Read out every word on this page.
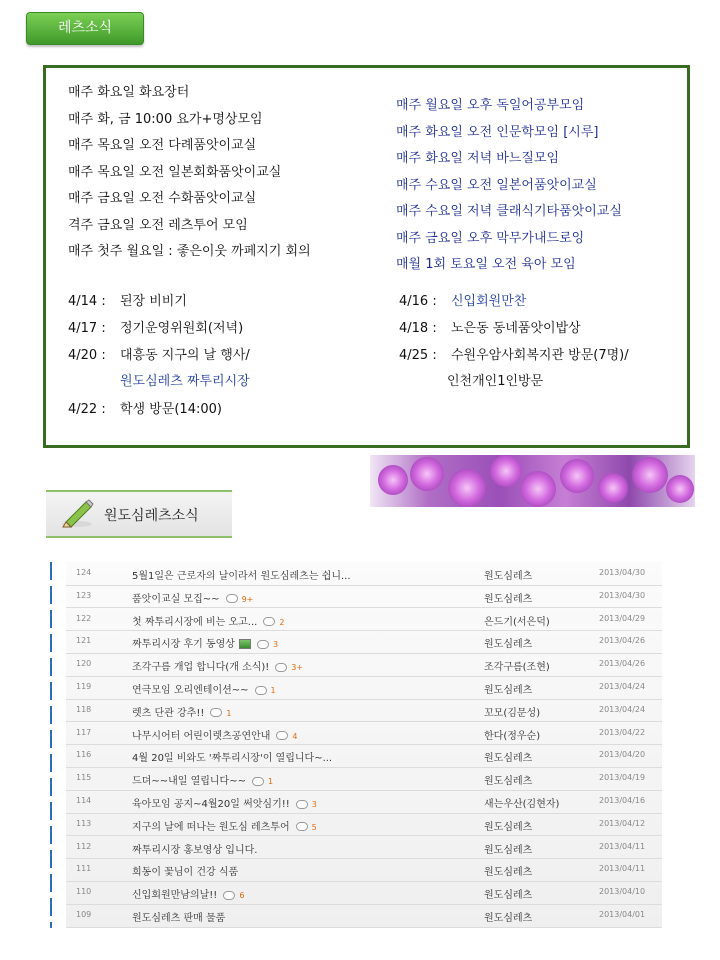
레츠소식
매주 화요일 화요장터
매주 화, 금 10:00 요가+명상모임
매주 목요일 오전 다례품앗이교실
매주 목요일 오전 일본회화품앗이교실
매주 금요일 오전 수화품앗이교실
격주 금요일 오전 레츠투어 모임
매주 첫주 월요일 : 좋은이웃 까페지기 회의
매주 월요일 오후 독일어공부모임
매주 화요일 오전 인문학모임 [시루]
매주 화요일 저녁 바느질모임
매주 수요일 오전 일본어품앗이교실
매주 수요일 저녁 클래식기타품앗이교실
매주 금요일 오후 막무가내드로잉
매월 1회 토요일 오전 육아 모임
4/14 : 된장 비비기
4/17 : 정기운영위원회(저녁)
4/20 : 대흥동 지구의 날 행사/
원도심레츠 짜투리시장
4/22 : 학생 방문(14:00)
4/16 : 신입회원만찬
4/18 : 노은동 동네품앗이밥상
4/25 : 수원우암사회복지관 방문(7명)/
인천개인1인방문
원도심레츠소식
124	5월1일은 근로자의 날이라서 원도심레츠는 쉽니...	원도심레츠	2013/04/30
123	품앗이교실 모집~~	9+	원도심레츠	2013/04/30
122	첫 짜투리시장에 비는 오고...	2	은드기(서은덕)	2013/04/29
121	짜투리시장 후기 동영상	3	원도심레츠	2013/04/26
120	조각구름 개업 합니다(개 소식)!	3+	조각구름(조현)	2013/04/26
119	연극모임 오리엔테이션~~	1	원도심레츠	2013/04/24
118	렛츠 단관 강추!!	1	꼬모(김문성)	2013/04/24
117	나무시어터 어린이렛츠공연안내	4	한다(정우순)	2013/04/22
116	4월 20일 비와도 '짜투리시장'이 열립니다~...	원도심레츠	2013/04/20
115	드뎌~~내일 열립니다~~	1	원도심레츠	2013/04/19
114	육아모임 공지~4월20일 써앗심기!!	3	새는우산(김현자)	2013/04/16
113	지구의 날에 떠나는 원도심 레츠투어	5	원도심레츠	2013/04/12
112	짜투리시장 홍보영상 입니다.	원도심레츠	2013/04/11
111	희동이 꽃님이 건강 식품	원도심레츠	2013/04/11
110	신입회원만남의날!!	6	원도심레츠	2013/04/10
109	원도심레츠 판매 물품	원도심레츠	2013/04/01
